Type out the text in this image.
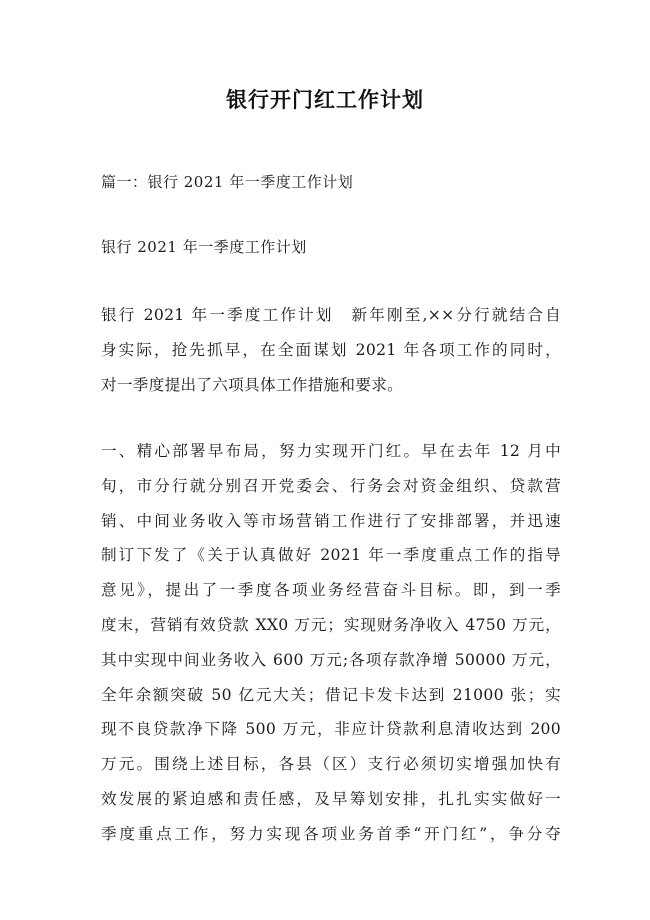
银行开门红工作计划
篇一：银行 2021 年一季度工作计划
银行 2021 年一季度工作计划
银行 2021 年一季度工作计划　新年刚至,××分行就结合自
身实际，抢先抓早，在全面谋划 2021 年各项工作的同时，
对一季度提出了六项具体工作措施和要求。
一、精心部署早布局，努力实现开门红。早在去年 12 月中
旬，市分行就分别召开党委会、行务会对资金组织、贷款营
销、中间业务收入等市场营销工作进行了安排部署，并迅速
制订下发了《关于认真做好 2021 年一季度重点工作的指导
意见》，提出了一季度各项业务经营奋斗目标。即，到一季
度末，营销有效贷款 XX0 万元；实现财务净收入 4750 万元，
其中实现中间业务收入 600 万元;各项存款净增 50000 万元，
全年余额突破 50 亿元大关；借记卡发卡达到 21000 张；实
现不良贷款净下降 500 万元，非应计贷款利息清收达到 200
万元。围绕上述目标，各县（区）支行必须切实增强加快有
效发展的紧迫感和责任感，及早筹划安排，扎扎实实做好一
季度重点工作，努力实现各项业务首季“开门红”，争分夺
